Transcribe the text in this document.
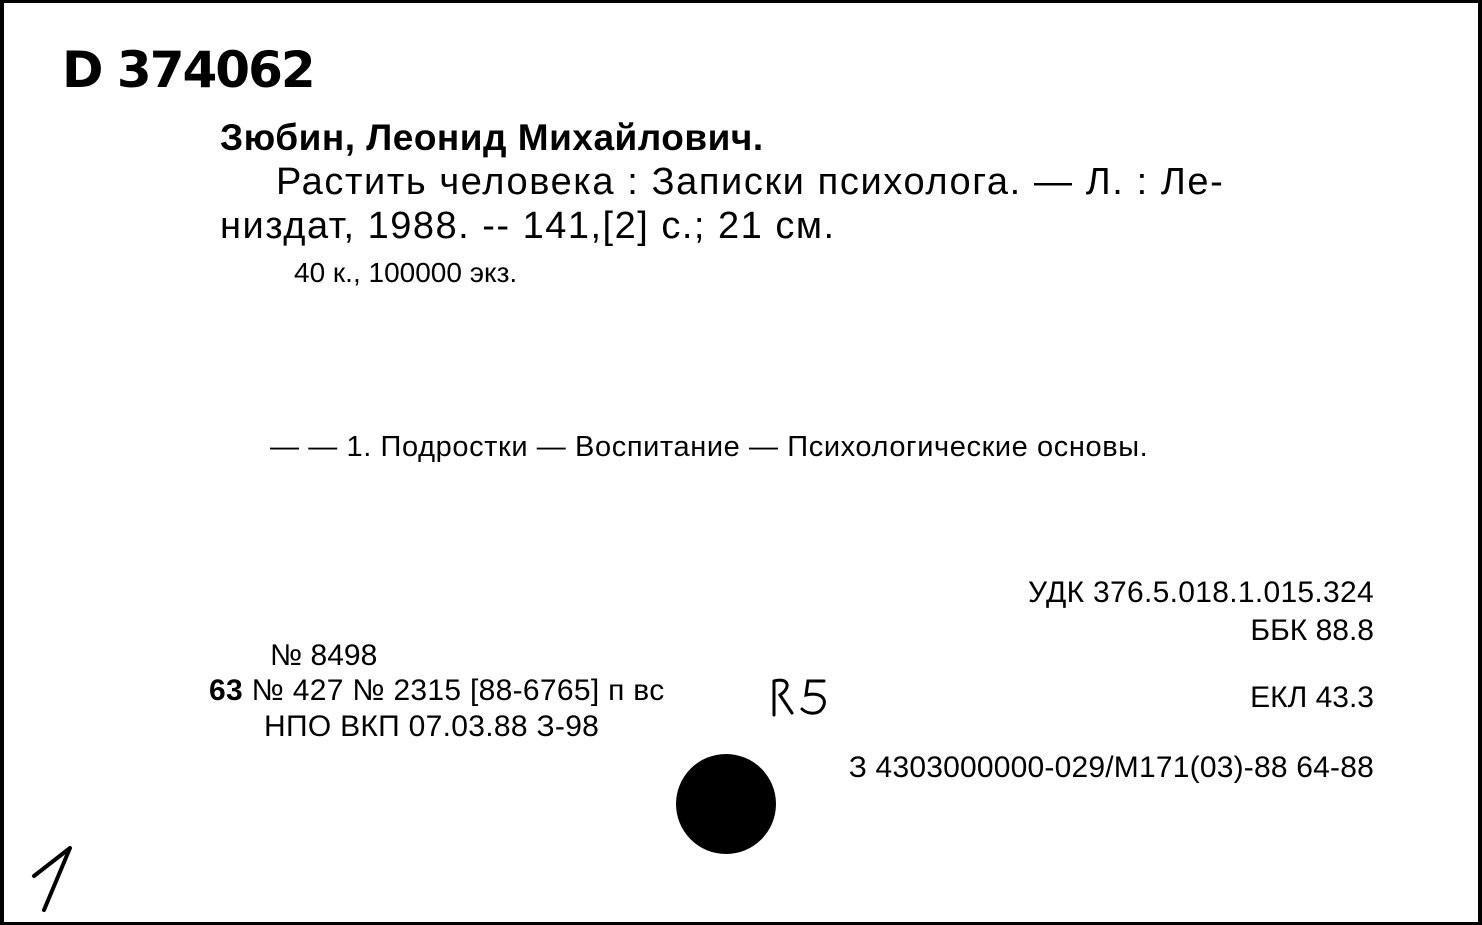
D 374062
Зюбин, Леонид Михайлович.
Растить человека : Записки психолога. — Л. : Ле-
низдат, 1988. -- 141,[2] с.; 21 см.
40 к., 100000 экз.
— — 1. Подростки — Воспитание — Психологические основы.
УДК 376.5.018.1.015.324
ББК 88.8
ЕКЛ 43.3
№ 8498
63 № 427 № 2315 [88-6765] п вс
НПО ВКП 07.03.88 З-98
З 4303000000-029/М171(03)-88 64-88
